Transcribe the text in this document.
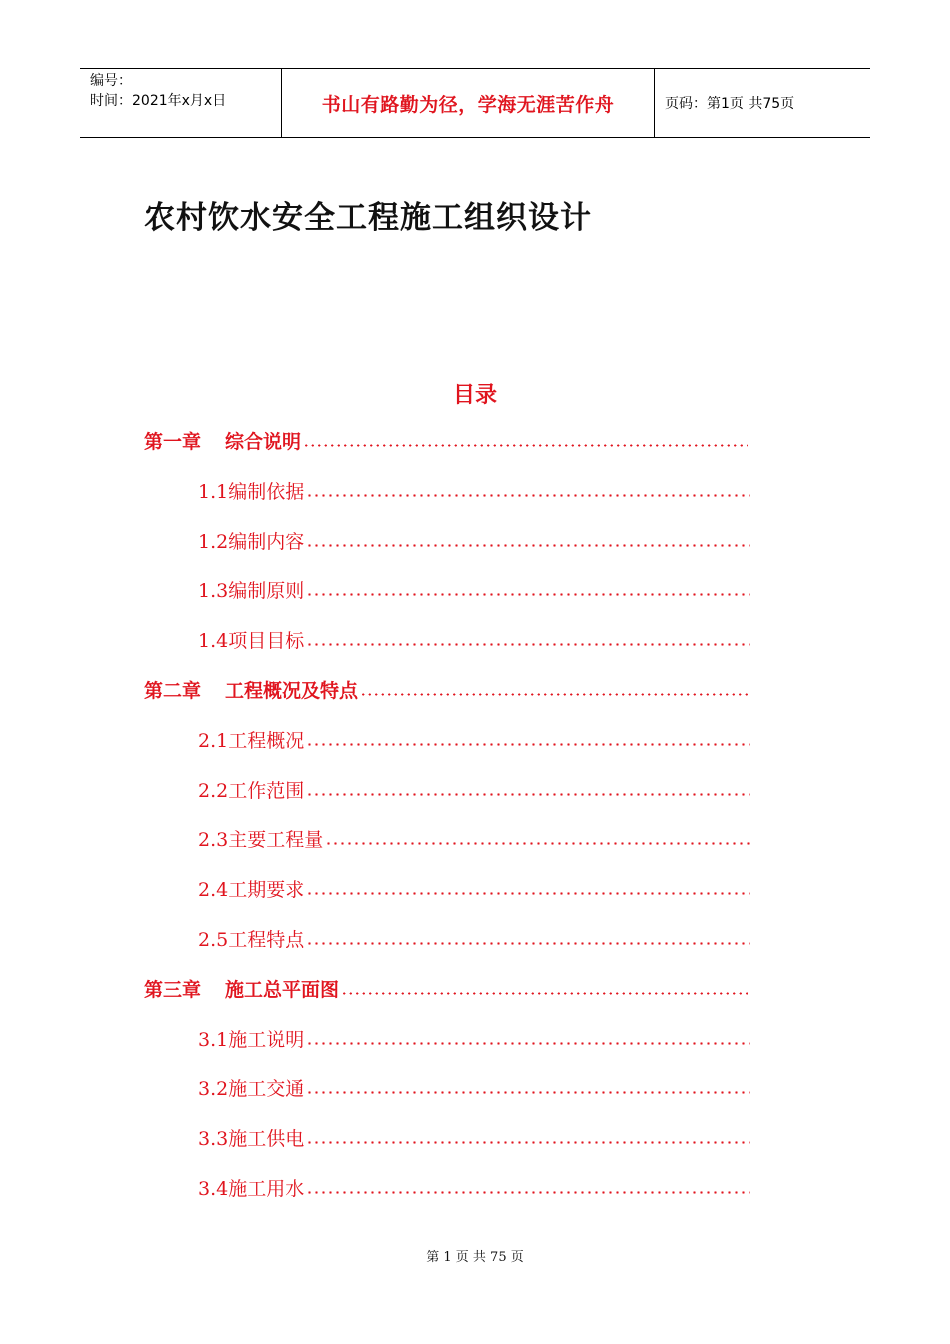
编号：
时间：2021年x月x日	书山有路勤为径，学海无涯苦作舟	页码：第1页 共75页
农村饮水安全工程施工组织设计
目录
第一章 综合说明
1.1 编制依据
1.2 编制内容
1.3 编制原则
1.4 项目目标
第二章 工程概况及特点
2.1 工程概况
2.2 工作范围
2.3 主要工程量
2.4 工期要求
2.5 工程特点
第三章 施工总平面图
3.1 施工说明
3.2 施工交通
3.3 施工供电
3.4 施工用水
第 1 页 共 75 页
